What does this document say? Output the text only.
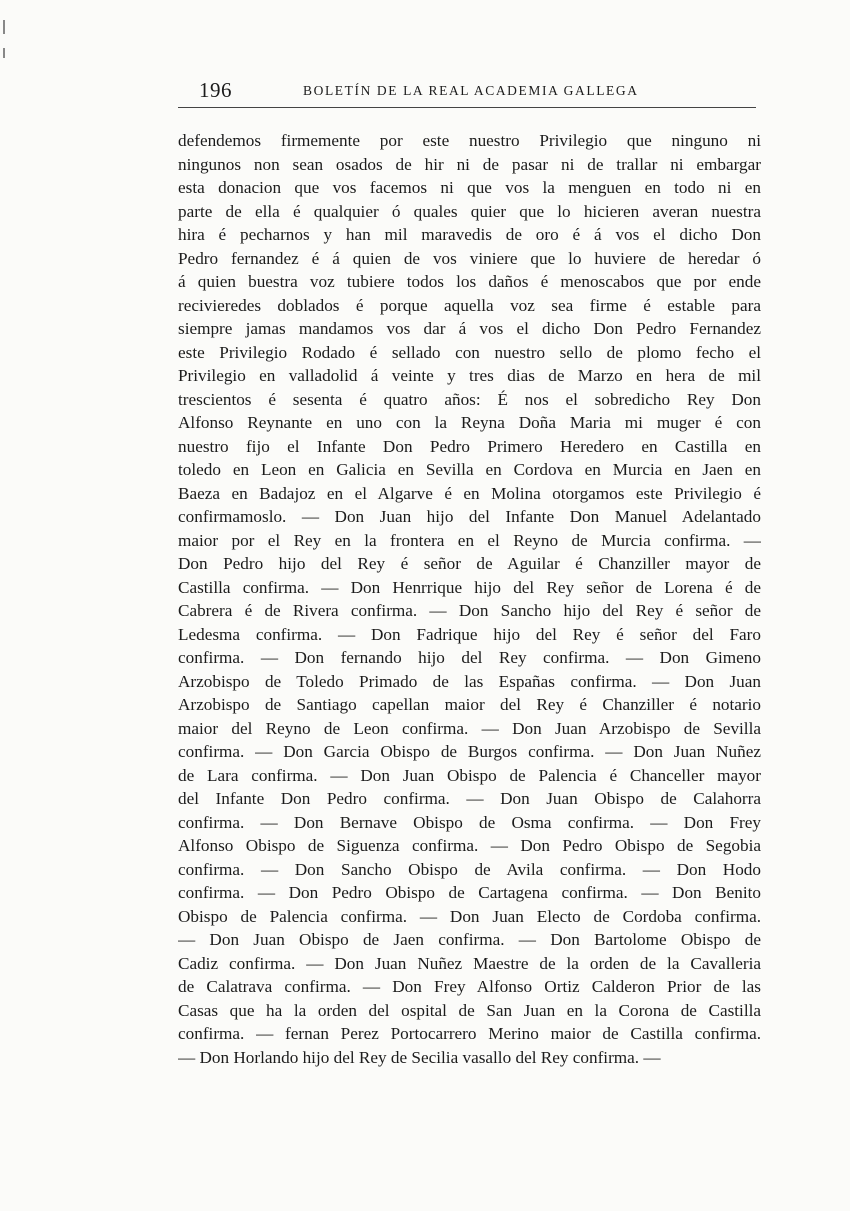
196	BOLETÍN DE LA REAL ACADEMIA GALLEGA

defendemos firmemente por este nuestro Privilegio que ninguno ni
ningunos non sean osados de hir ni de pasar ni de trallar ni embargar
esta donacion que vos facemos ni que vos la menguen en todo ni en
parte de ella é qualquier ó quales quier que lo hicieren averan nuestra
hira é pecharnos y han mil maravedis de oro é á vos el dicho Don
Pedro fernandez é á quien de vos viniere que lo huviere de heredar ó
á quien buestra voz tubiere todos los daños é menoscabos que por ende
recivieredes doblados é porque aquella voz sea firme é estable para
siempre jamas mandamos vos dar á vos el dicho Don Pedro Fernandez
este Privilegio Rodado é sellado con nuestro sello de plomo fecho el
Privilegio en valladolid á veinte y tres dias de Marzo en hera de mil
trescientos é sesenta é quatro años: É nos el sobredicho Rey Don
Alfonso Reynante en uno con la Reyna Doña Maria mi muger é con
nuestro fijo el Infante Don Pedro Primero Heredero en Castilla en
toledo en Leon en Galicia en Sevilla en Cordova en Murcia en Jaen en
Baeza en Badajoz en el Algarve é en Molina otorgamos este Privilegio é
confirmamoslo. — Don Juan hijo del Infante Don Manuel Adelantado
maior por el Rey en la frontera en el Reyno de Murcia confirma. —
Don Pedro hijo del Rey é señor de Aguilar é Chanziller mayor de
Castilla confirma. — Don Henrrique hijo del Rey señor de Lorena é de
Cabrera é de Rivera confirma. — Don Sancho hijo del Rey é señor de
Ledesma confirma. — Don Fadrique hijo del Rey é señor del Faro
confirma. — Don fernando hijo del Rey confirma. — Don Gimeno
Arzobispo de Toledo Primado de las Españas confirma. — Don Juan
Arzobispo de Santiago capellan maior del Rey é Chanziller é notario
maior del Reyno de Leon confirma. — Don Juan Arzobispo de Sevilla
confirma. — Don Garcia Obispo de Burgos confirma. — Don Juan Nuñez
de Lara confirma. — Don Juan Obispo de Palencia é Chanceller mayor
del Infante Don Pedro confirma. — Don Juan Obispo de Calahorra
confirma. — Don Bernave Obispo de Osma confirma. — Don Frey
Alfonso Obispo de Siguenza confirma. — Don Pedro Obispo de Segobia
confirma. — Don Sancho Obispo de Avila confirma. — Don Hodo
confirma. — Don Pedro Obispo de Cartagena confirma. — Don Benito
Obispo de Palencia confirma. — Don Juan Electo de Cordoba confirma.
— Don Juan Obispo de Jaen confirma. — Don Bartolome Obispo de
Cadiz confirma. — Don Juan Nuñez Maestre de la orden de la Cavalleria
de Calatrava confirma. — Don Frey Alfonso Ortiz Calderon Prior de las
Casas que ha la orden del ospital de San Juan en la Corona de Castilla
confirma. — fernan Perez Portocarrero Merino maior de Castilla confirma.
— Don Horlando hijo del Rey de Secilia vasallo del Rey confirma. —
